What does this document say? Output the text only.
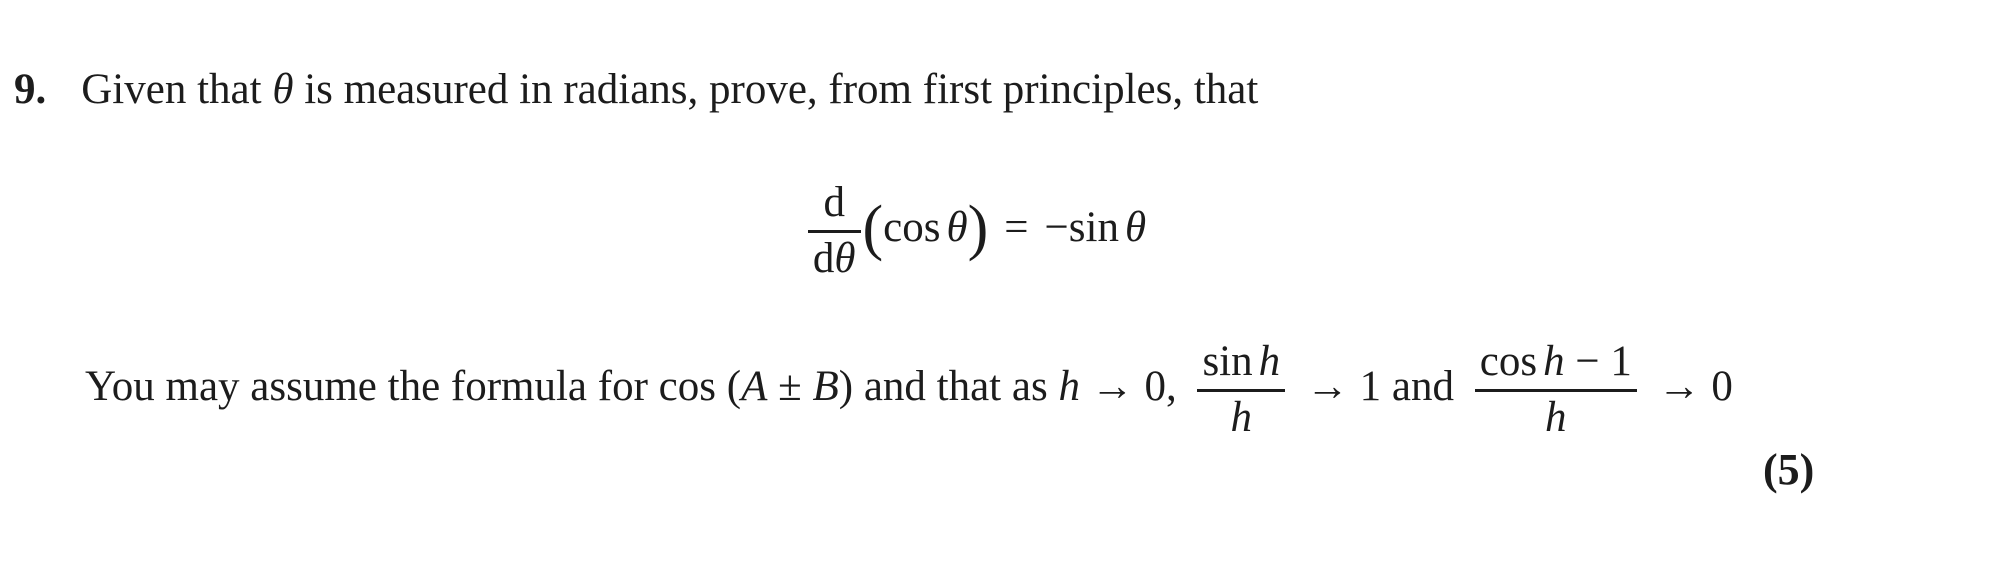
9. Given that θ is measured in radians, prove, from first principles, that
$\frac{d}{d\theta} (\cos$ θ) = −sin θ
You may assume the formula for cos (A ± B) and that as h → 0, $\frac{\text{sin h}}{h} \to 1$ and $\frac{\text{cos h − 1}}{h} \to 0$
(5)
